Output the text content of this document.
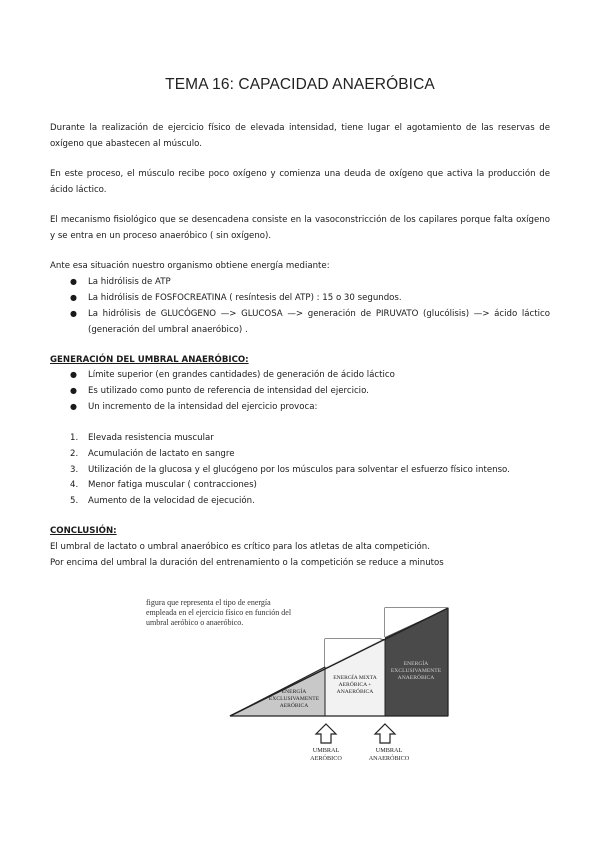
TEMA 16: CAPACIDAD ANAERÓBICA
Durante la realización de ejercicio físico de elevada intensidad, tiene lugar el agotamiento de las reservas de oxígeno que abastecen al músculo.
En este proceso, el músculo recibe poco oxígeno y comienza una deuda de oxígeno que activa la producción de ácido láctico.
El mecanismo fisiológico que se desencadena consiste en la vasoconstricción de los capilares porque falta oxígeno y se entra en un proceso anaeróbico ( sin oxígeno).
Ante esa situación nuestro organismo obtiene energía mediante:
● La hidrólisis de ATP
● La hidrólisis de FOSFOCREATINA ( resíntesis del ATP) : 15 o 30 segundos.
● La hidrólisis de GLUCÓGENO —> GLUCOSA —> generación de PIRUVATO (glucólisis) —> ácido láctico (generación del umbral anaeróbico) .
GENERACIÓN DEL UMBRAL ANAERÓBICO:
● Límite superior (en grandes cantidades) de generación de ácido láctico
● Es utilizado como punto de referencia de intensidad del ejercicio.
● Un incremento de la intensidad del ejercicio provoca:
1. Elevada resistencia muscular
2. Acumulación de lactato en sangre
3. Utilización de la glucosa y el glucógeno por los músculos para solventar el esfuerzo físico intenso.
4. Menor fatiga muscular ( contracciones)
5. Aumento de la velocidad de ejecución.
CONCLUSIÓN:
El umbral de lactato o umbral anaeróbico es crítico para los atletas de alta competición.
Por encima del umbral la duración del entrenamiento o la competición se reduce a minutos
figura que representa el tipo de energía
empleada en el ejercicio físico en función del
umbral aeróbico o anaeróbico.
ENERGÍA
EXCLUSIVAMENTE
AERÓBICA
ENERGÍA MIXTA
AERÓBICA +
ANAERÓBICA
ENERGÍA
EXCLUSIVAMENTE
ANAERÓBICA
UMBRAL
AERÓBICO
UMBRAL
ANAERÓBICO
